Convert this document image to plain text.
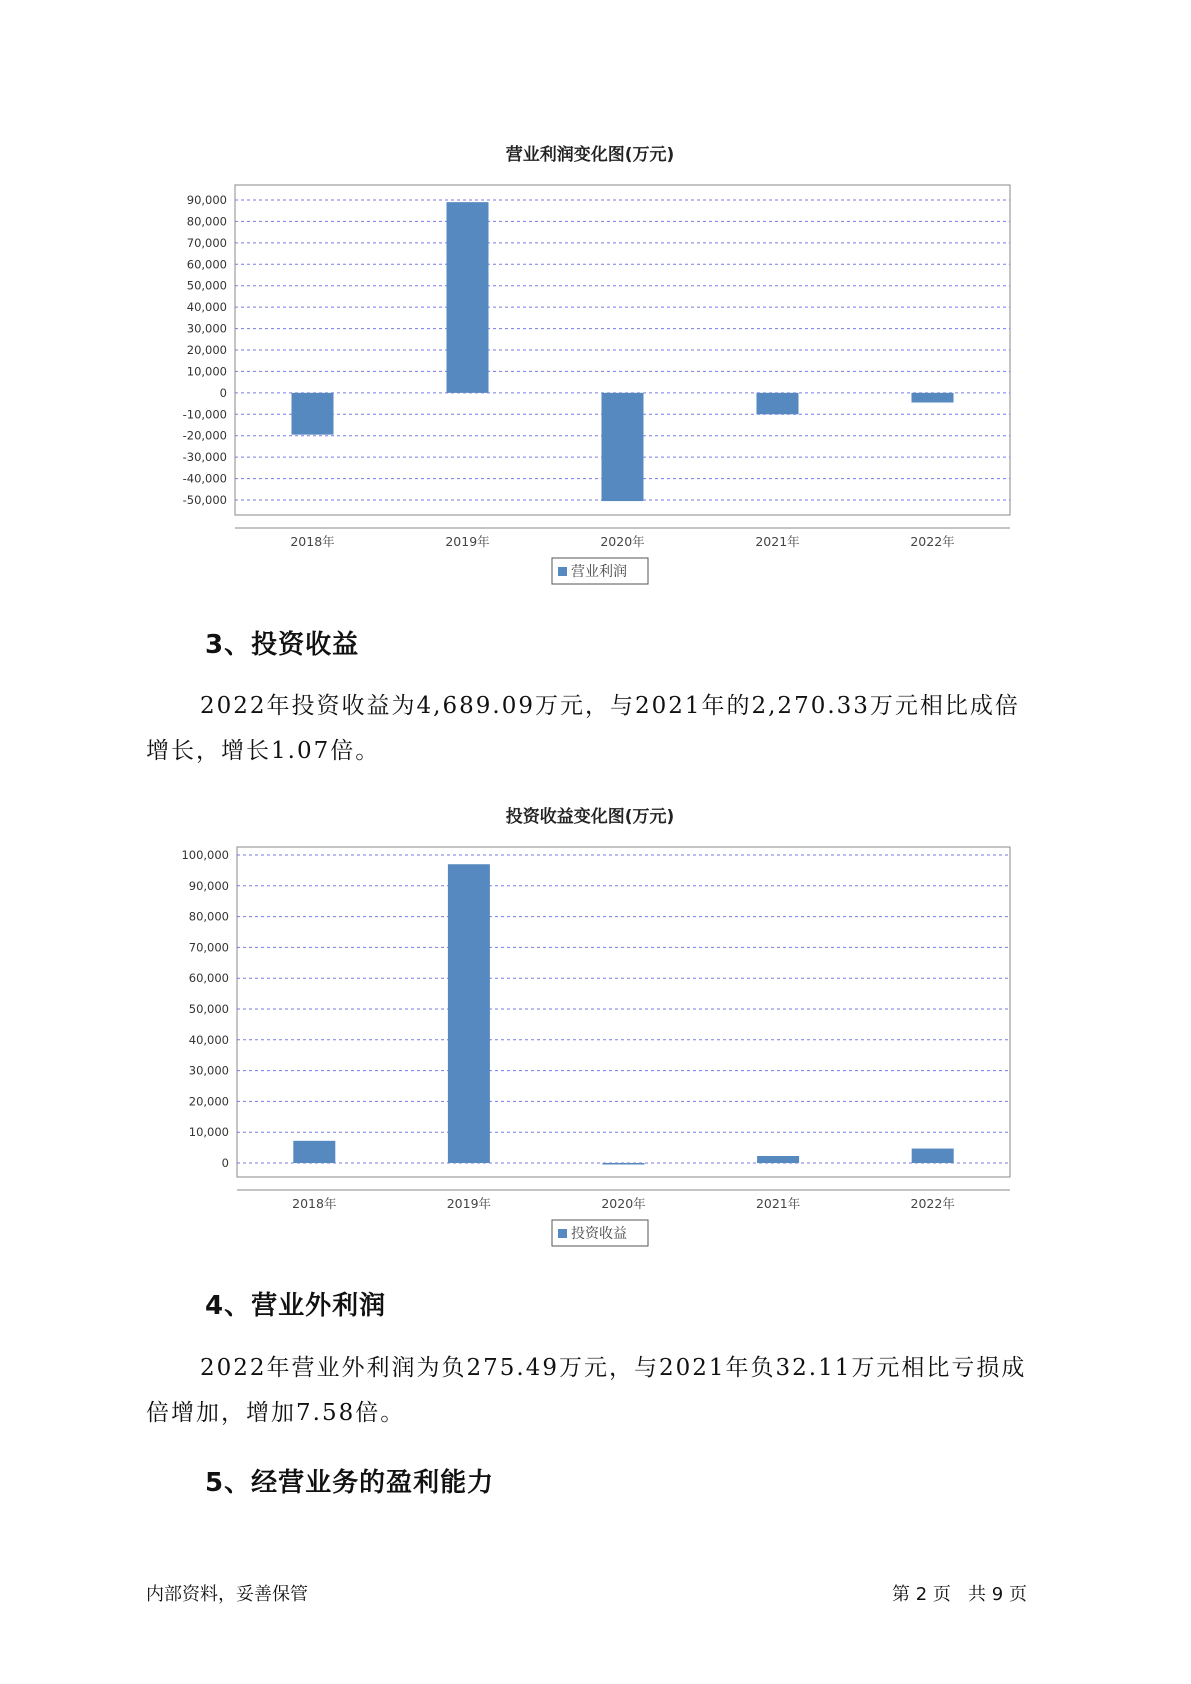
营业利润变化图(万元)
90,000
80,000
70,000
60,000
50,000
40,000
30,000
20,000
10,000
0
-10,000
-20,000
-30,000
-40,000
-50,000
2018年	2019年	2020年	2021年	2022年
营业利润
3、投资收益

2022年投资收益为4,689.09万元，与2021年的2,270.33万元相比成倍
增长，增长1.07倍。

投资收益变化图(万元)
100,000
90,000
80,000
70,000
60,000
50,000
40,000
30,000
20,000
10,000
0
2018年	2019年	2020年	2021年	2022年
投资收益
4、营业外利润

2022年营业外利润为负275.49万元，与2021年负32.11万元相比亏损成
倍增加，增加7.58倍。

5、经营业务的盈利能力
内部资料，妥善保管	第 2 页   共 9 页
